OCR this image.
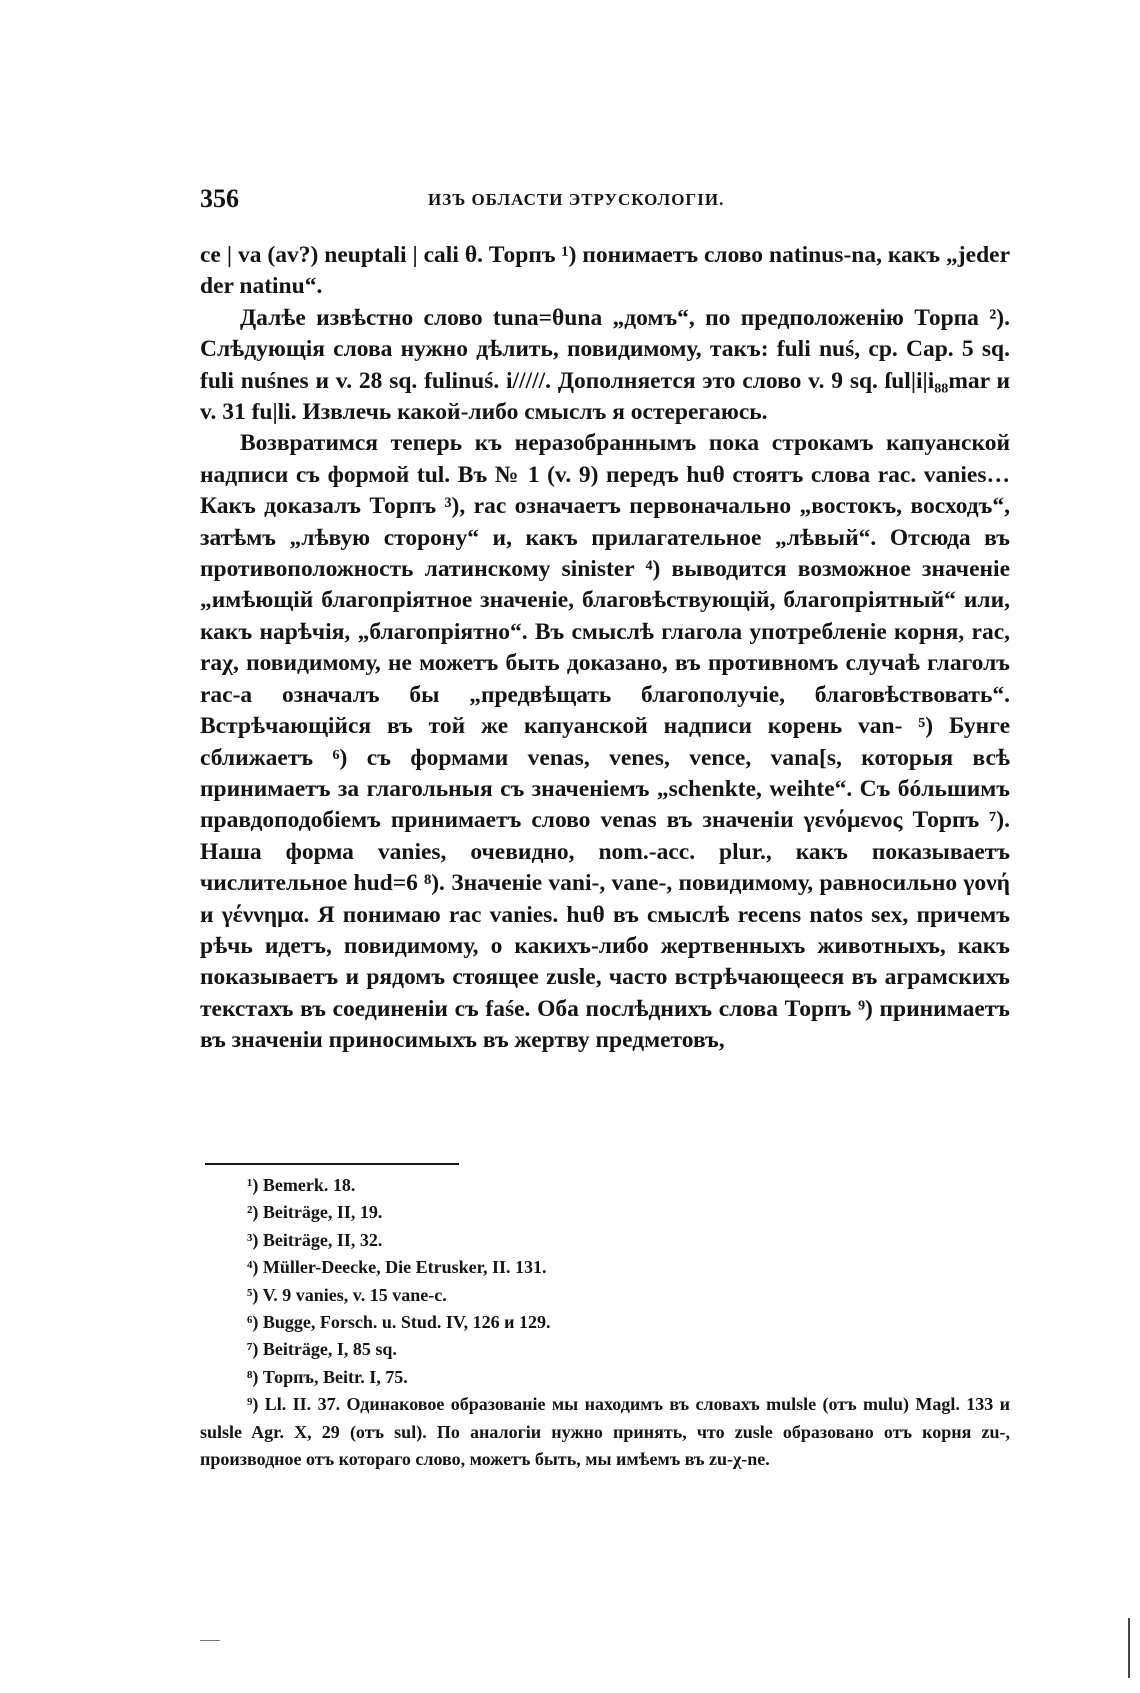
356	ИЗЪ ОБЛАСТИ ЭТРУСКОЛОГІИ.

ce | va (av?) neuptali | cali θ. Торпъ ¹) понимаетъ слово natinus-na, какъ „jeder der natinu“.

Далѣе извѣстно слово tuna=θuna „домъ“, по предположенію Торпа ²). Слѣдующія слова нужно дѣлить, повидимому, такъ: fuli nuś, ср. Cap. 5 sq. fuli nuśnes и v. 28 sq. fulinuś. i/////. Дополняется это слово v. 9 sq. ſul|i|i₈₈mar и v. 31 fu|li. Извлечь какой-либо смыслъ я остерегаюсь.

Возвратимся теперь къ неразобраннымъ пока строкамъ капуанской надписи съ формой tul. Въ № 1 (v. 9) передъ huθ стоятъ слова rac. vanies… Какъ доказалъ Торпъ ³), rac означаетъ первоначально „востокъ, восходъ“, затѣмъ „лѣвую сторону“ и, какъ прилагательное „лѣвый“. Отсюда въ противоположность латинскому sinister ⁴) выводится возможное значеніе „имѣющій благопріятное значеніе, благовѣствующій, благопріятный“ или, какъ нарѣчія, „благопріятно“. Въ смыслѣ глагола употребленіе корня, rac, raχ, повидимому, не можетъ быть доказано, въ противномъ случаѣ глаголъ rac-a означалъ бы „предвѣщать благополучіе, благовѣствовать“. Встрѣчающійся въ той же капуанской надписи корень van- ⁵) Бунге сближаетъ ⁶) съ формами venas, venes, vence, vana[s, которыя всѣ принимаетъ за глагольныя съ значеніемъ „schenkte, weihte“. Съ бóльшимъ правдоподобіемъ принимаетъ слово venas въ значеніи γενόμενος Торпъ ⁷). Наша форма vanies, очевидно, nom.-acc. plur., какъ показываетъ числительное hud=6 ⁸). Значеніе vani-, vane-, повидимому, равносильно γονή и γέννημα. Я понимаю rac vanies. huθ въ смыслѣ recens natos sex, причемъ рѣчь идетъ, повидимому, о какихъ-либо жертвенныхъ животныхъ, какъ показываетъ и рядомъ стоящее zusle, часто встрѣчающееся въ аграмскихъ текстахъ въ соединеніи съ faśe. Оба послѣднихъ слова Торпъ ⁹) принимаетъ въ значеніи приносимыхъ въ жертву предметовъ,

¹) Bemerk. 18.
²) Beiträge, II, 19.
³) Beiträge, II, 32.
⁴) Müller-Deecke, Die Etrusker, II. 131.
⁵) V. 9 vanies, v. 15 vane-c.
⁶) Bugge, Forsch. u. Stud. IV, 126 и 129.
⁷) Beiträge, I, 85 sq.
⁸) Торпъ, Beitr. I, 75.
⁹) Ll. II. 37. Одинаковое образованіе мы находимъ въ словахъ mulsle (отъ mulu) Magl. 133 и sulsle Agr. X, 29 (отъ sul). По аналогіи нужно принять, что zusle образовано отъ корня zu-, производное отъ котораго слово, можетъ быть, мы имѣемъ въ zu-χ-ne.
